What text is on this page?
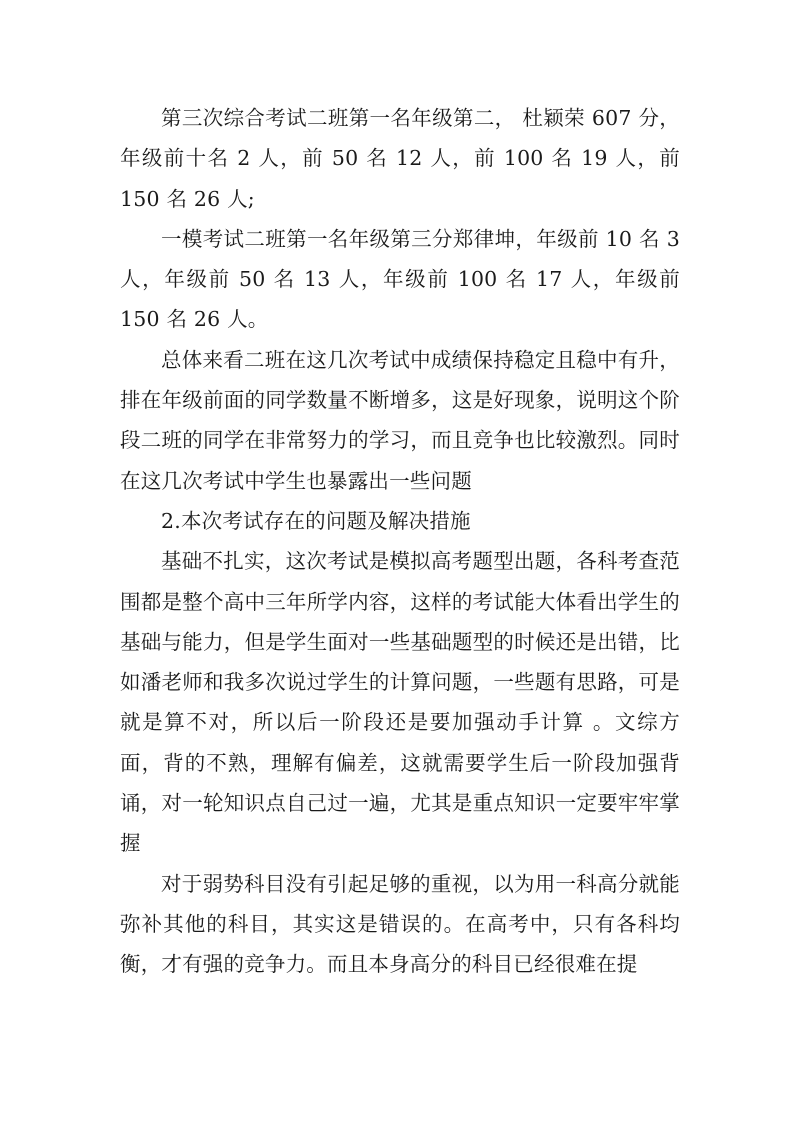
第三次综合考试二班第一名年级第二， 杜颖荣 607 分，年级前十名 2 人，前 50 名 12 人，前 100 名 19 人，前 150 名 26 人;

一模考试二班第一名年级第三分郑律坤，年级前 10 名 3 人，年级前 50 名 13 人，年级前 100 名 17 人，年级前 150 名 26 人。

总体来看二班在这几次考试中成绩保持稳定且稳中有升，排在年级前面的同学数量不断增多，这是好现象，说明这个阶段二班的同学在非常努力的学习，而且竞争也比较激烈。同时在这几次考试中学生也暴露出一些问题

2.本次考试存在的问题及解决措施

基础不扎实，这次考试是模拟高考题型出题，各科考查范围都是整个高中三年所学内容，这样的考试能大体看出学生的基础与能力，但是学生面对一些基础题型的时候还是出错，比如潘老师和我多次说过学生的计算问题，一些题有思路，可是就是算不对，所以后一阶段还是要加强动手计算 。文综方面，背的不熟，理解有偏差，这就需要学生后一阶段加强背诵，对一轮知识点自己过一遍，尤其是重点知识一定要牢牢掌握

对于弱势科目没有引起足够的重视，以为用一科高分就能弥补其他的科目，其实这是错误的。在高考中，只有各科均衡，才有强的竞争力。而且本身高分的科目已经很难在提
